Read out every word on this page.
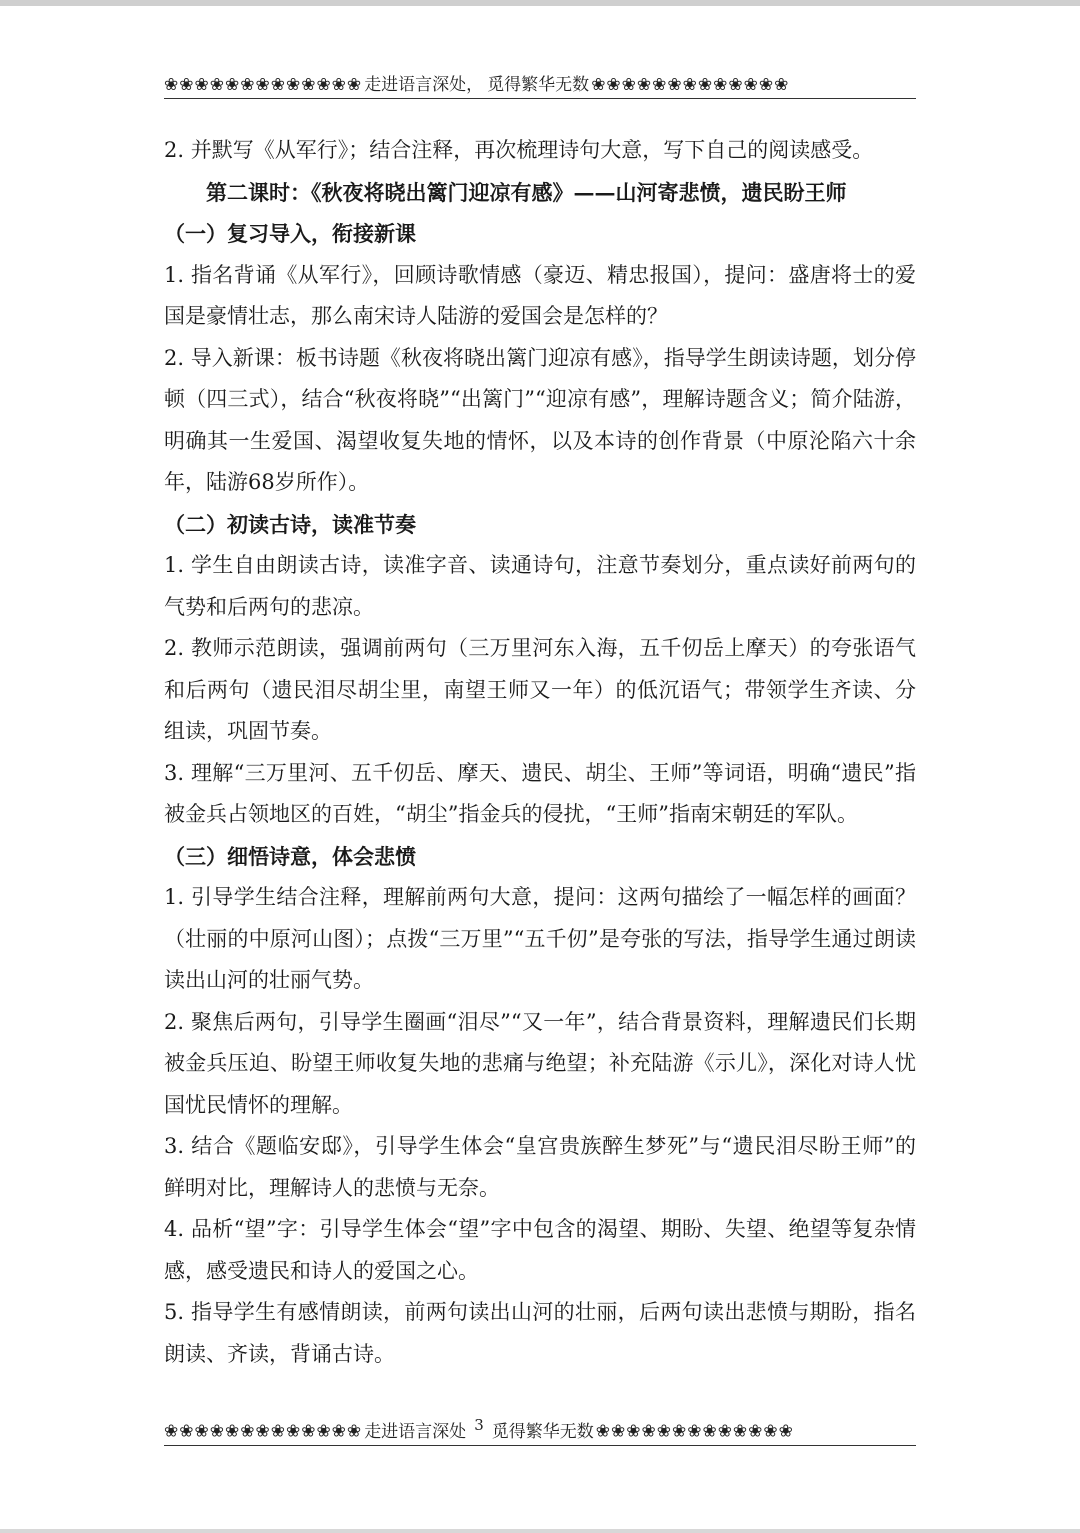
❀❀❀❀❀❀❀❀❀❀❀❀❀ 走进语言深处， 觅得繁华无数 ❀❀❀❀❀❀❀❀❀❀❀❀❀

2. 并默写《从军行》；结合注释，再次梳理诗句大意，写下自己的阅读感受。

第二课时：《秋夜将晓出篱门迎凉有感》——山河寄悲愤，遗民盼王师

（一）复习导入，衔接新课

1. 指名背诵《从军行》，回顾诗歌情感（豪迈、精忠报国），提问：盛唐将士的爱国是豪情壮志，那么南宋诗人陆游的爱国会是怎样的？

2. 导入新课：板书诗题《秋夜将晓出篱门迎凉有感》，指导学生朗读诗题，划分停顿（四三式），结合“秋夜将晓”“出篱门”“迎凉有感”，理解诗题含义；简介陆游，明确其一生爱国、渴望收复失地的情怀，以及本诗的创作背景（中原沦陷六十余年，陆游68岁所作）。

（二）初读古诗，读准节奏

1. 学生自由朗读古诗，读准字音、读通诗句，注意节奏划分，重点读好前两句的气势和后两句的悲凉。

2. 教师示范朗读，强调前两句（三万里河东入海，五千仞岳上摩天）的夸张语气和后两句（遗民泪尽胡尘里，南望王师又一年）的低沉语气；带领学生齐读、分组读，巩固节奏。

3. 理解“三万里河、五千仞岳、摩天、遗民、胡尘、王师”等词语，明确“遗民”指被金兵占领地区的百姓，“胡尘”指金兵的侵扰，“王师”指南宋朝廷的军队。

（三）细悟诗意，体会悲愤

1. 引导学生结合注释，理解前两句大意，提问：这两句描绘了一幅怎样的画面？（壮丽的中原河山图）；点拨“三万里”“五千仞”是夸张的写法，指导学生通过朗读读出山河的壮丽气势。

2. 聚焦后两句，引导学生圈画“泪尽”“又一年”，结合背景资料，理解遗民们长期被金兵压迫、盼望王师收复失地的悲痛与绝望；补充陆游《示儿》，深化对诗人忧国忧民情怀的理解。

3. 结合《题临安邸》，引导学生体会“皇宫贵族醉生梦死”与“遗民泪尽盼王师”的鲜明对比，理解诗人的悲愤与无奈。

4. 品析“望”字：引导学生体会“望”字中包含的渴望、期盼、失望、绝望等复杂情感，感受遗民和诗人的爱国之心。

5. 指导学生有感情朗读，前两句读出山河的壮丽，后两句读出悲愤与期盼，指名朗读、齐读，背诵古诗。

❀❀❀❀❀❀❀❀❀❀❀❀❀ 走进语言深处 3 觅得繁华无数 ❀❀❀❀❀❀❀❀❀❀❀❀❀
